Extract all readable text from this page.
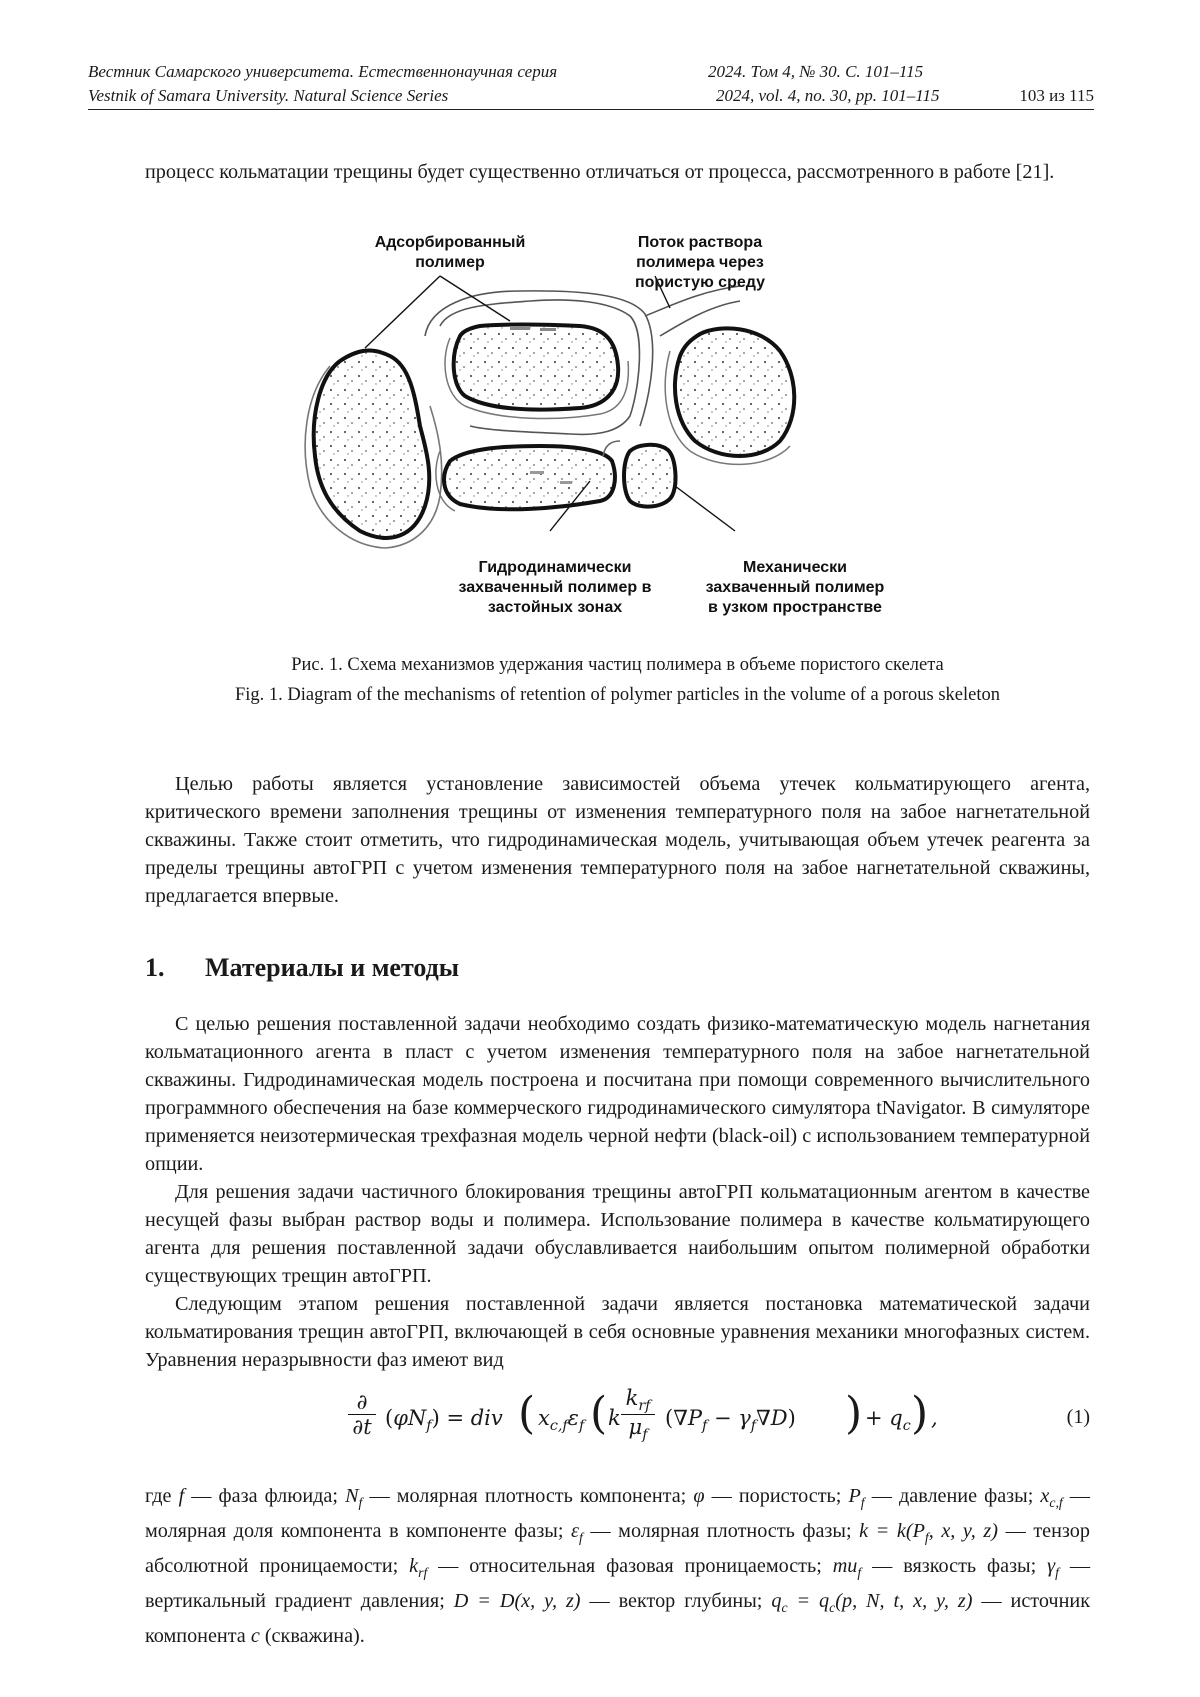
Вестник Самарского университета. Естественнонаучная серия	2024. Том 4, № 30. С. 101–115
Vestnik of Samara University. Natural Science Series	2024, vol. 4, no. 30, pp. 101–115	103 из 115

процесс кольматации трещины будет существенно отличаться от процесса, рассмотренного в работе [21].

Адсорбированный полимер
Поток раствора полимера через пористую среду
Гидродинамически захваченный полимер в застойных зонах
Механически захваченный полимер в узком пространстве
Рис. 1. Схема механизмов удержания частиц полимера в объеме пористого скелета
Fig. 1. Diagram of the mechanisms of retention of polymer particles in the volume of a porous skeleton

Целью работы является установление зависимостей объема утечек кольматирующего агента, критического времени заполнения трещины от изменения температурного поля на забое нагнетательной скважины. Также стоит отметить, что гидродинамическая модель, учитывающая объем утечек реагента за пределы трещины автоГРП с учетом изменения температурного поля на забое нагнетательной скважины, предлагается впервые.

1. Материалы и методы

С целью решения поставленной задачи необходимо создать физико-математическую модель нагнетания кольматационного агента в пласт с учетом изменения температурного поля на забое нагнетательной скважины. Гидродинамическая модель построена и посчитана при помощи современного вычислительного программного обеспечения на базе коммерческого гидродинамического симулятора tNavigator. В симуляторе применяется неизотермическая трехфазная модель черной нефти (black-oil) с использованием температурной опции.

Для решения задачи частичного блокирования трещины автоГРП кольматационным агентом в качестве несущей фазы выбран раствор воды и полимера. Использование полимера в качестве кольматирующего агента для решения поставленной задачи обуславливается наибольшим опытом полимерной обработки существующих трещин автоГРП.

Следующим этапом решения поставленной задачи является постановка математической задачи кольматирования трещин автоГРП, включающей в себя основные уравнения механики многофазных систем. Уравнения неразрывности фаз имеют вид

∂
∂t $(\varphi N_f)$ = div ( $x_{c,f}\varepsilon_f$ ( k
$k_{rf}$
$\mu_f$
$(\nabla P_f - \gamma_f\nabla D)$ ) + $q_c$ ) ,	(1)

где f — фаза флюида; $N_f$ — молярная плотность компонента; φ — пористость; $P_f$ — давление фазы; $x_{c,f}$ — молярная доля компонента в компоненте фазы; $\varepsilon_f$ — молярная плотность фазы; $k = k(P_f$, x, y, z) — тензор абсолютной проницаемости; $k_{rf}$ — относительная фазовая проницаемость; $mu_f$ — вязкость фазы; $\gamma_f$ — вертикальный градиент давления; D = D(x, y, z) — вектор глубины; $q_c = q_c(p$, N, t, x, y, z) — источник компонента c (скважина).
